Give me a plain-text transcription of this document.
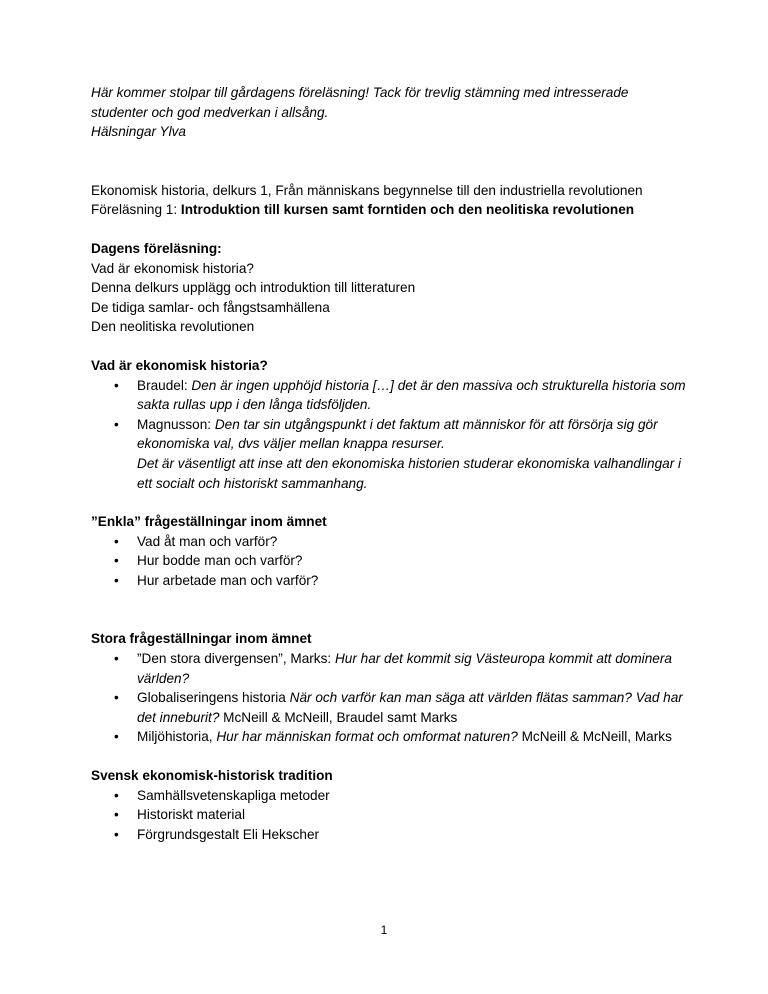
Här kommer stolpar till gårdagens föreläsning! Tack för trevlig stämning med intresserade

studenter och god medverkan i allsång.

Hälsningar Ylva

Ekonomisk historia, delkurs 1, Från människans begynnelse till den industriella revolutionen

Föreläsning 1: Introduktion till kursen samt forntiden och den neolitiska revolutionen

Dagens föreläsning:

Vad är ekonomisk historia?

Denna delkurs upplägg och introduktion till litteraturen

De tidiga samlar- och fångstsamhällena

Den neolitiska revolutionen

Vad är ekonomisk historia?

• Braudel: Den är ingen upphöjd historia […] det är den massiva och strukturella historia som sakta rullas upp i den långa tidsföljden.
• Magnusson: Den tar sin utgångspunkt i det faktum att människor för att försörja sig gör ekonomiska val, dvs väljer mellan knappa resurser.
Det är väsentligt att inse att den ekonomiska historien studerar ekonomiska valhandlingar i ett socialt och historiskt sammanhang.

”Enkla” frågeställningar inom ämnet

• Vad åt man och varför?
• Hur bodde man och varför?
• Hur arbetade man och varför?

Stora frågeställningar inom ämnet

• ”Den stora divergensen”, Marks: Hur har det kommit sig Västeuropa kommit att dominera världen?
• Globaliseringens historia När och varför kan man säga att världen flätas samman? Vad har det inneburit? McNeill & McNeill, Braudel samt Marks
• Miljöhistoria, Hur har människan format och omformat naturen? McNeill & McNeill, Marks

Svensk ekonomisk-historisk tradition

• Samhällsvetenskapliga metoder
• Historiskt material
• Förgrundsgestalt Eli Hekscher
1
